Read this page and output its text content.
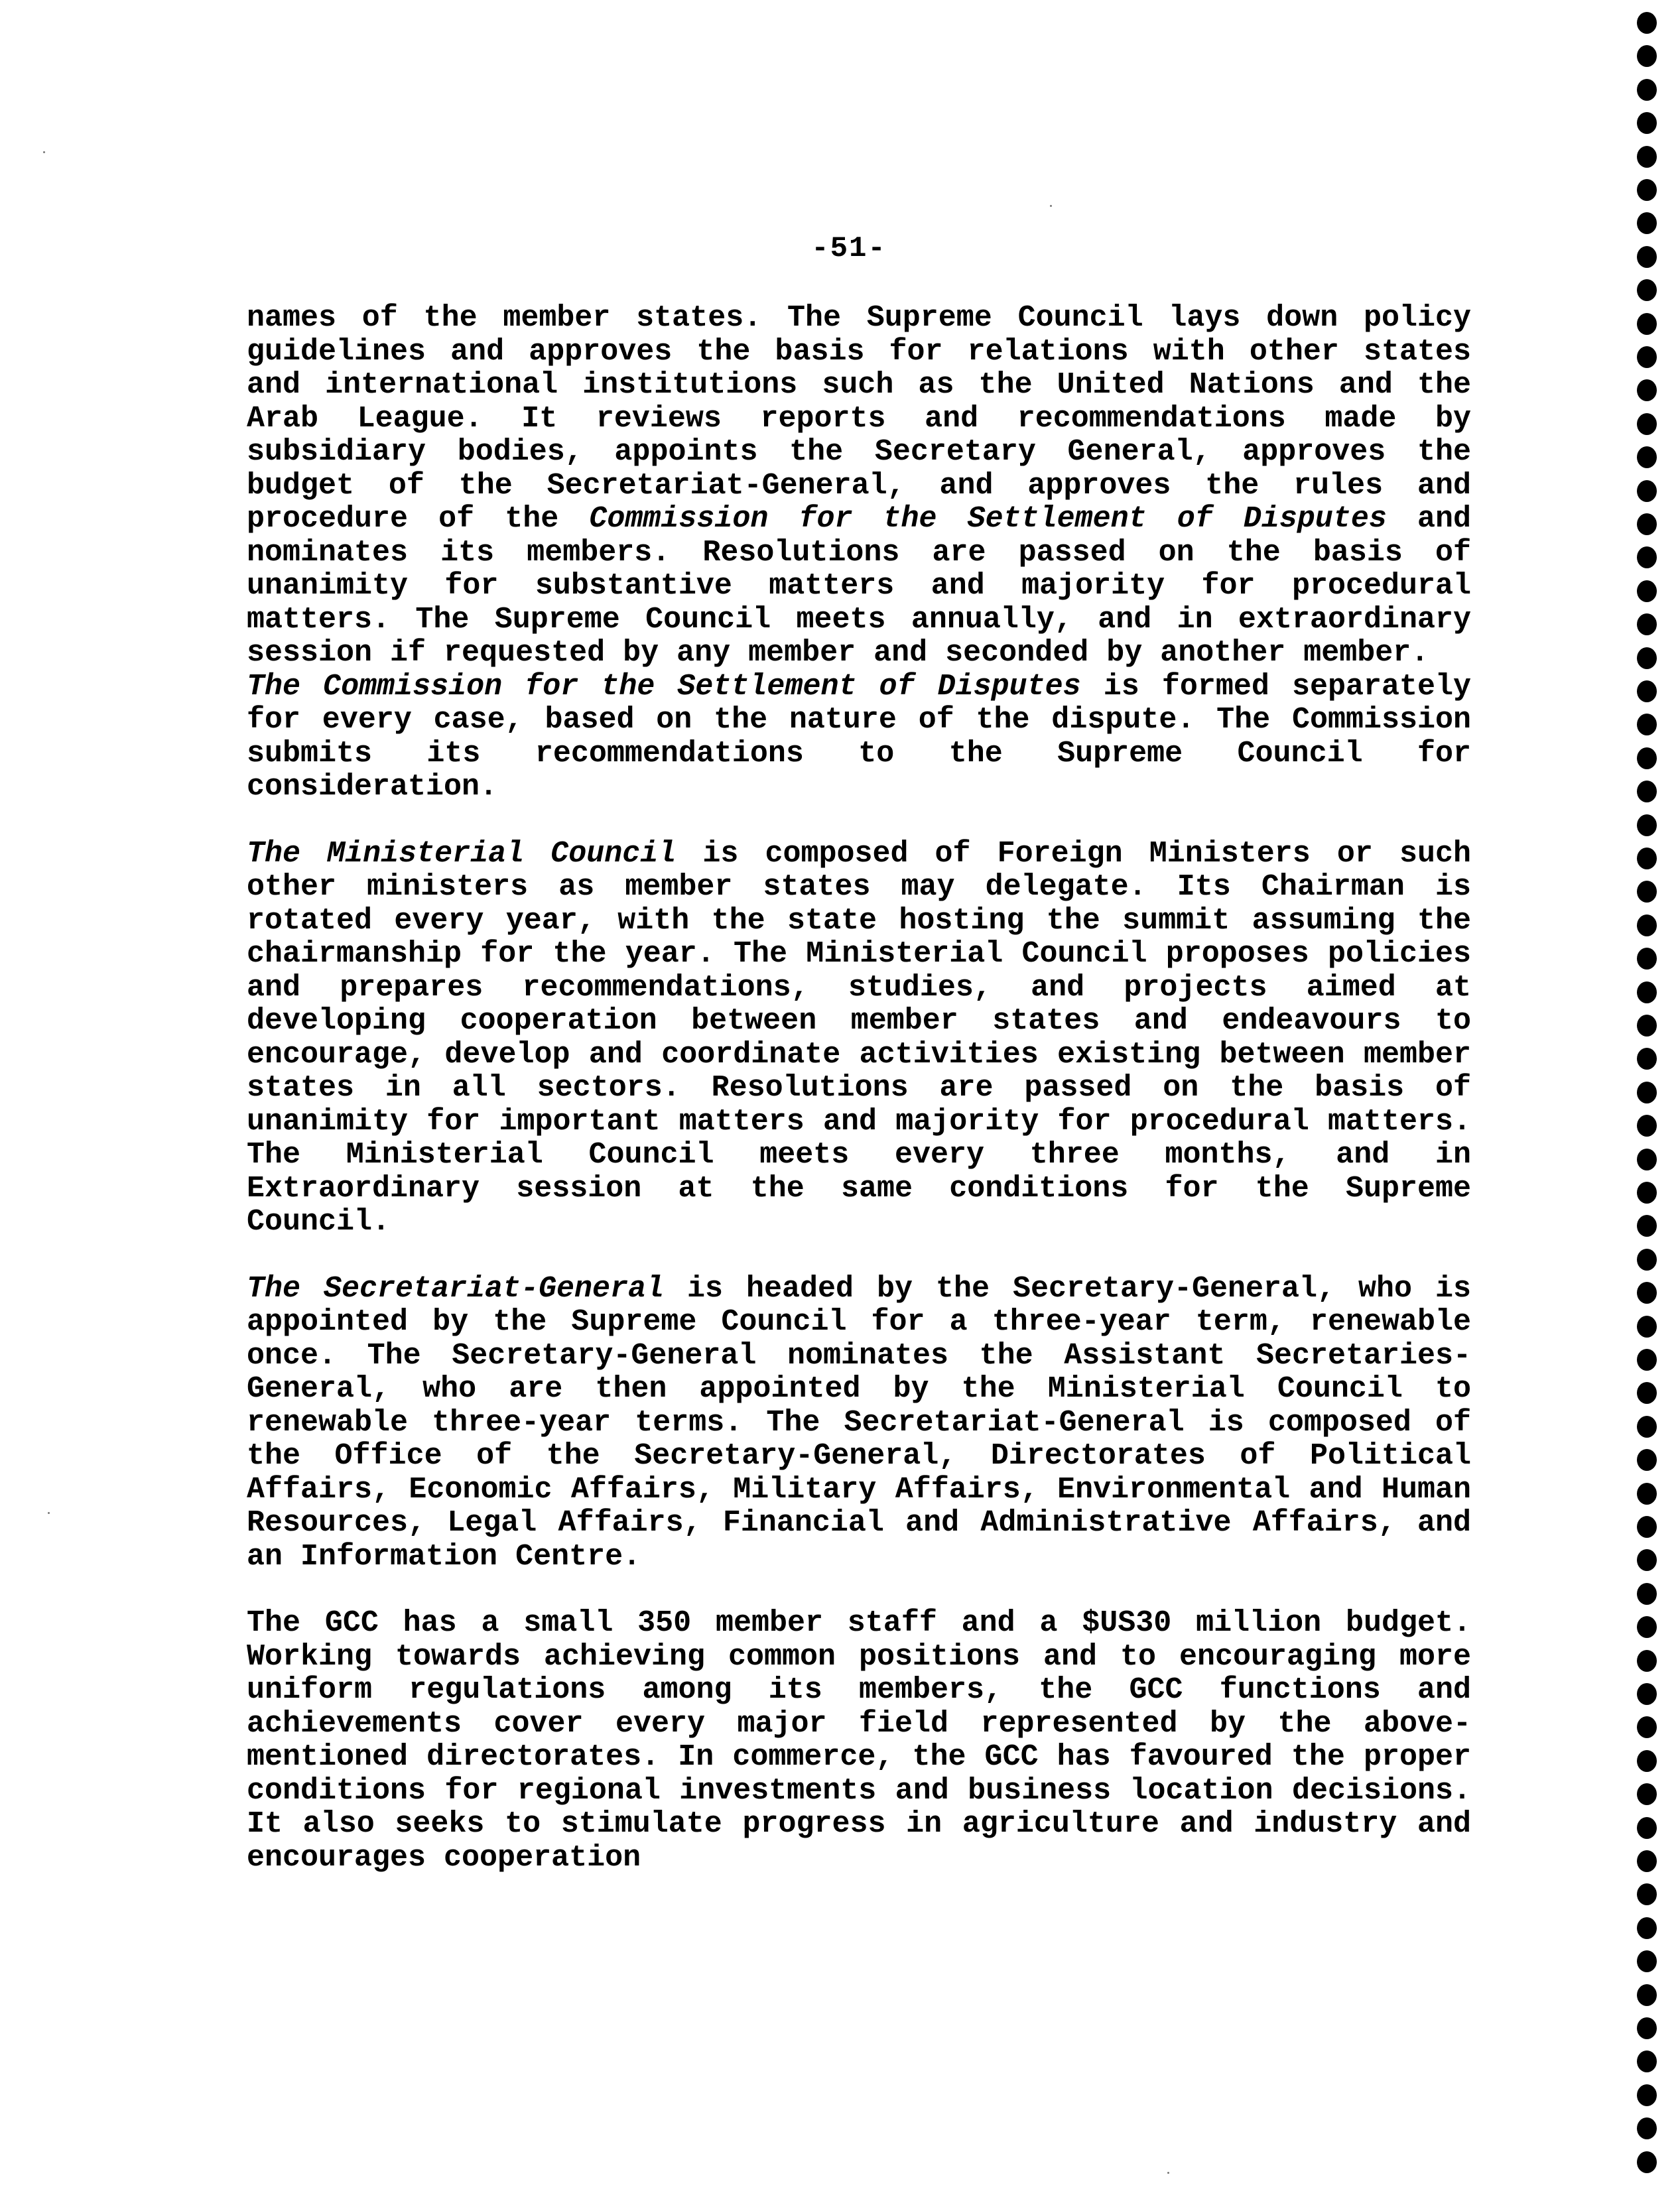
-51-

names of the member states. The Supreme Council lays down policy guidelines and approves the basis for relations with other states and international institutions such as the United Nations and the Arab League. It reviews reports and recommendations made by subsidiary bodies, appoints the Secretary General, approves the budget of the Secretariat-General, and approves the rules and procedure of the Commission for the Settlement of Disputes and nominates its members. Resolutions are passed on the basis of unanimity for substantive matters and majority for procedural matters. The Supreme Council meets annually, and in extraordinary session if requested by any member and seconded by another member.

The Commission for the Settlement of Disputes is formed separately for every case, based on the nature of the dispute. The Commission submits its recommendations to the Supreme Council for consideration.

The Ministerial Council is composed of Foreign Ministers or such other ministers as member states may delegate. Its Chairman is rotated every year, with the state hosting the summit assuming the chairmanship for the year. The Ministerial Council proposes policies and prepares recommendations, studies, and projects aimed at developing cooperation between member states and endeavours to encourage, develop and coordinate activities existing between member states in all sectors. Resolutions are passed on the basis of unanimity for important matters and majority for procedural matters. The Ministerial Council meets every three months, and in Extraordinary session at the same conditions for the Supreme Council.

The Secretariat-General is headed by the Secretary-General, who is appointed by the Supreme Council for a three-year term, renewable once. The Secretary-General nominates the Assistant Secretaries-General, who are then appointed by the Ministerial Council to renewable three-year terms. The Secretariat-General is composed of the Office of the Secretary-General, Directorates of Political Affairs, Economic Affairs, Military Affairs, Environmental and Human Resources, Legal Affairs, Financial and Administrative Affairs, and an Information Centre.

The GCC has a small 350 member staff and a $US30 million budget. Working towards achieving common positions and to encouraging more uniform regulations among its members, the GCC functions and achievements cover every major field represented by the above-mentioned directorates. In commerce, the GCC has favoured the proper conditions for regional investments and business location decisions. It also seeks to stimulate progress in agriculture and industry and encourages cooperation
